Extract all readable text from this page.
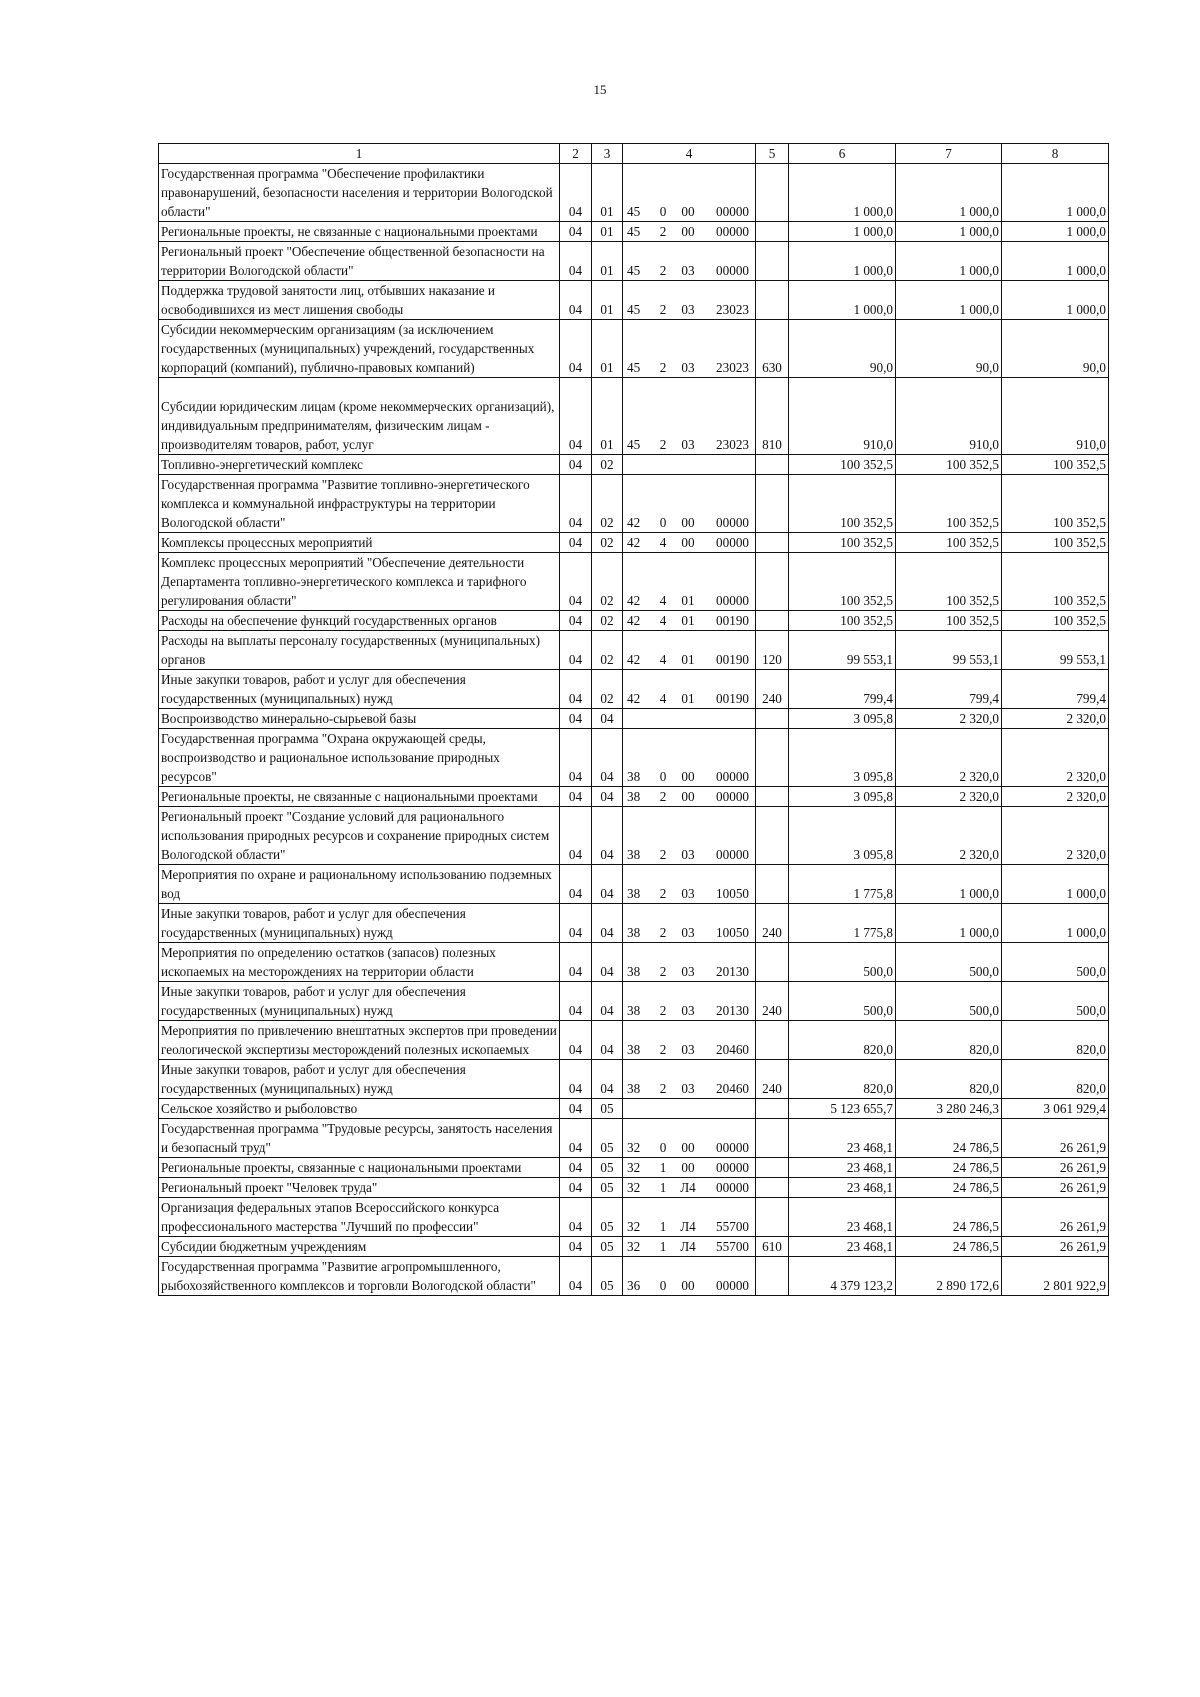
15
1	2	3	4	5	6	7	8
Государственная программа "Обеспечение профилактики правонарушений, безопасности населения и территории Вологодской области"	04	01	45 0 00 00000		1 000,0	1 000,0	1 000,0
Региональные проекты, не связанные с национальными проектами	04	01	45 2 00 00000		1 000,0	1 000,0	1 000,0
Региональный проект "Обеспечение общественной безопасности на территории Вологодской области"	04	01	45 2 03 00000		1 000,0	1 000,0	1 000,0
Поддержка трудовой занятости лиц, отбывших наказание и освободившихся из мест лишения свободы	04	01	45 2 03 23023		1 000,0	1 000,0	1 000,0
Субсидии некоммерческим организациям (за исключением государственных (муниципальных) учреждений, государственных корпораций (компаний), публично-правовых компаний)	04	01	45 2 03 23023	630	90,0	90,0	90,0
Субсидии юридическим лицам (кроме некоммерческих организаций), индивидуальным предпринимателям, физическим лицам - производителям товаров, работ, услуг	04	01	45 2 03 23023	810	910,0	910,0	910,0
Топливно-энергетический комплекс	04	02			100 352,5	100 352,5	100 352,5
Государственная программа "Развитие топливно-энергетического комплекса и коммунальной инфраструктуры на территории Вологодской области"	04	02	42 0 00 00000		100 352,5	100 352,5	100 352,5
Комплексы процессных мероприятий	04	02	42 4 00 00000		100 352,5	100 352,5	100 352,5
Комплекс процессных мероприятий "Обеспечение деятельности Департамента топливно-энергетического комплекса и тарифного регулирования области"	04	02	42 4 01 00000		100 352,5	100 352,5	100 352,5
Расходы на обеспечение функций государственных органов	04	02	42 4 01 00190		100 352,5	100 352,5	100 352,5
Расходы на выплаты персоналу государственных (муниципальных) органов	04	02	42 4 01 00190	120	99 553,1	99 553,1	99 553,1
Иные закупки товаров, работ и услуг для обеспечения государственных (муниципальных) нужд	04	02	42 4 01 00190	240	799,4	799,4	799,4
Воспроизводство минерально-сырьевой базы	04	04			3 095,8	2 320,0	2 320,0
Государственная программа "Охрана окружающей среды, воспроизводство и рациональное использование природных ресурсов"	04	04	38 0 00 00000		3 095,8	2 320,0	2 320,0
Региональные проекты, не связанные с национальными проектами	04	04	38 2 00 00000		3 095,8	2 320,0	2 320,0
Региональный проект "Создание условий для рационального использования природных ресурсов и сохранение природных систем Вологодской области"	04	04	38 2 03 00000		3 095,8	2 320,0	2 320,0
Мероприятия по охране и рациональному использованию подземных вод	04	04	38 2 03 10050		1 775,8	1 000,0	1 000,0
Иные закупки товаров, работ и услуг для обеспечения государственных (муниципальных) нужд	04	04	38 2 03 10050	240	1 775,8	1 000,0	1 000,0
Мероприятия по определению остатков (запасов) полезных ископаемых на месторождениях на территории области	04	04	38 2 03 20130		500,0	500,0	500,0
Иные закупки товаров, работ и услуг для обеспечения государственных (муниципальных) нужд	04	04	38 2 03 20130	240	500,0	500,0	500,0
Мероприятия по привлечению внештатных экспертов при проведении геологической экспертизы месторождений полезных ископаемых	04	04	38 2 03 20460		820,0	820,0	820,0
Иные закупки товаров, работ и услуг для обеспечения государственных (муниципальных) нужд	04	04	38 2 03 20460	240	820,0	820,0	820,0
Сельское хозяйство и рыболовство	04	05			5 123 655,7	3 280 246,3	3 061 929,4
Государственная программа "Трудовые ресурсы, занятость населения и безопасный труд"	04	05	32 0 00 00000		23 468,1	24 786,5	26 261,9
Региональные проекты, связанные с национальными проектами	04	05	32 1 00 00000		23 468,1	24 786,5	26 261,9
Региональный проект "Человек труда"	04	05	32 1 Л4 00000		23 468,1	24 786,5	26 261,9
Организация федеральных этапов Всероссийского конкурса профессионального мастерства "Лучший по профессии"	04	05	32 1 Л4 55700		23 468,1	24 786,5	26 261,9
Субсидии бюджетным учреждениям	04	05	32 1 Л4 55700	610	23 468,1	24 786,5	26 261,9
Государственная программа "Развитие агропромышленного, рыбохозяйственного комплексов и торговли Вологодской области"	04	05	36 0 00 00000		4 379 123,2	2 890 172,6	2 801 922,9
